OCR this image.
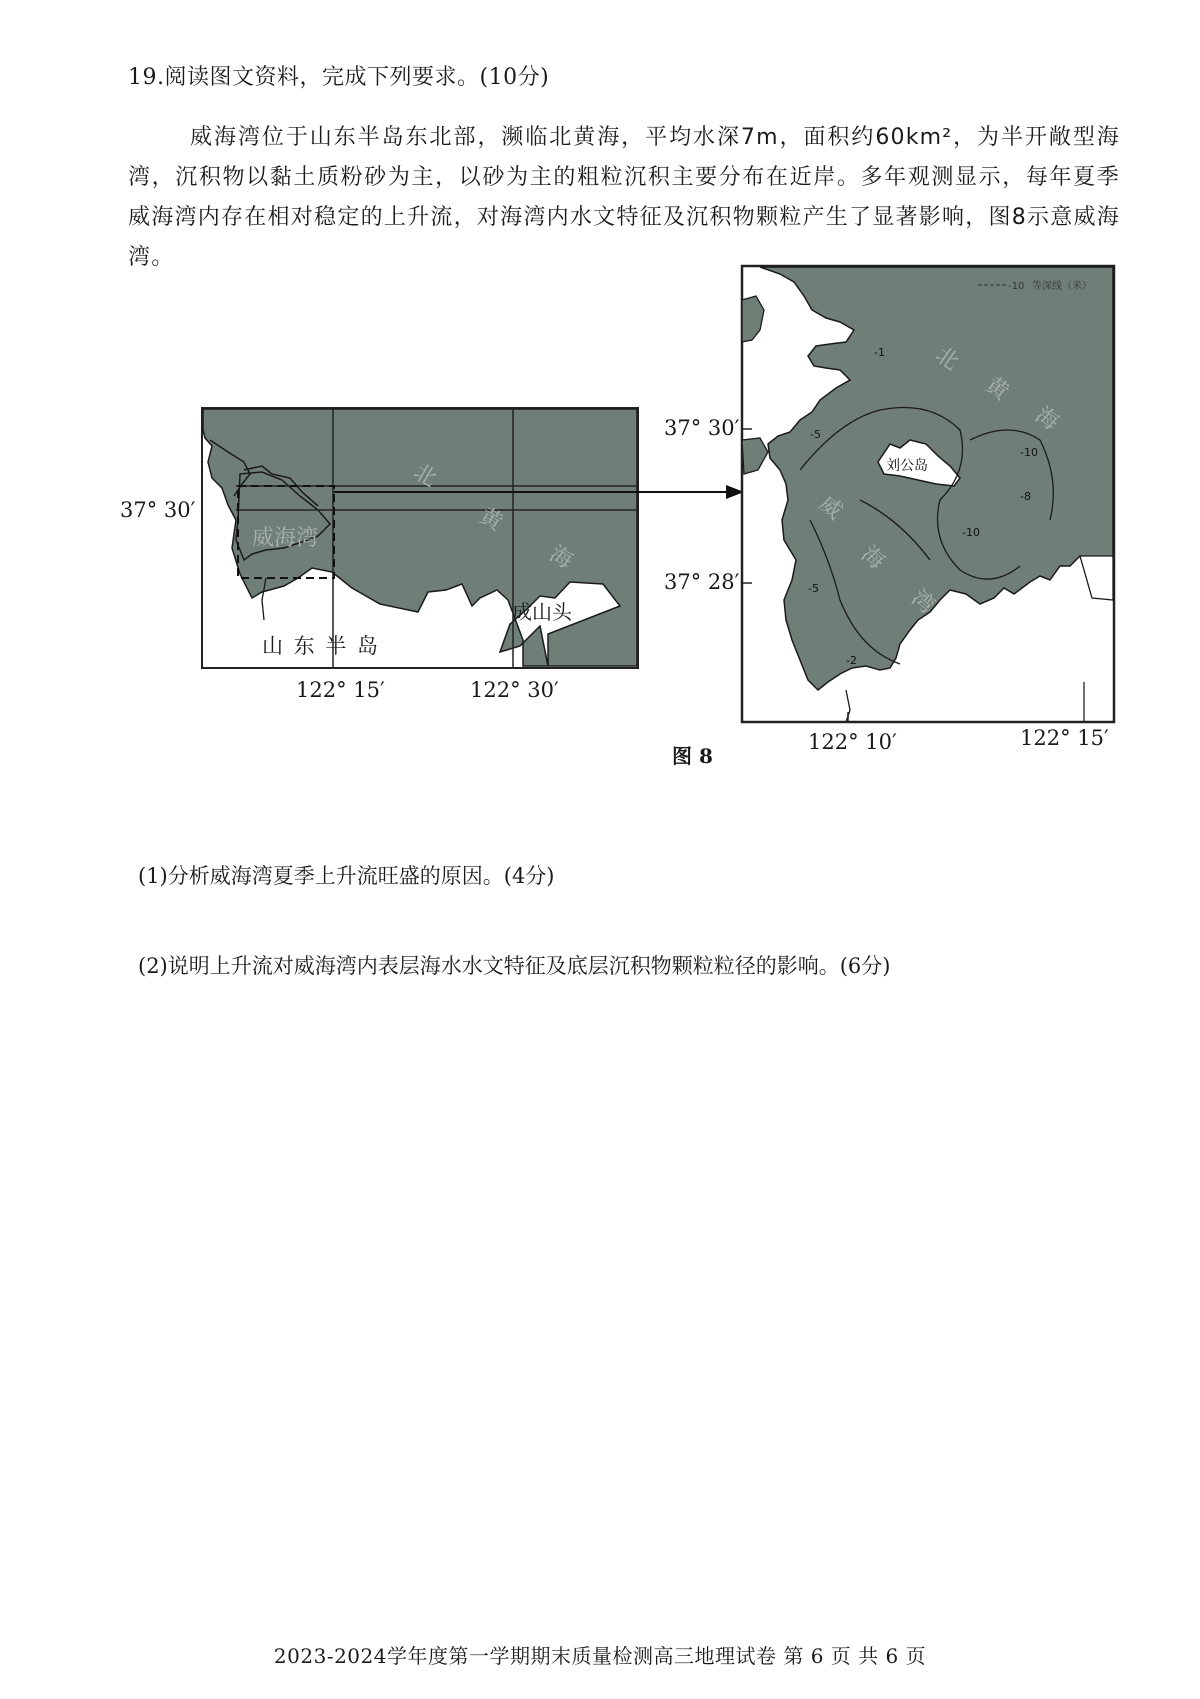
19.阅读图文资料，完成下列要求。(10分)
威海湾位于山东半岛东北部，濒临北黄海，平均水深7m，面积约60km²，为半开敞型海湾，沉积物以黏土质粉砂为主，以砂为主的粗粒沉积主要分布在近岸。多年观测显示，每年夏季威海湾内存在相对稳定的上升流，对海湾内水文特征及沉积物颗粒产生了显著影响，图8示意威海湾。
威海湾
北
黄
海
北
黄
海
威
海
湾
刘公岛
-10 等深线（米）
-1
-5
-10
-10
-2
-5
-8
37° 30′
122° 15′	122° 30′
山 东 半 岛
成山头
37° 30′
37° 28′
122° 10′	122° 15′
图 8
(1)分析威海湾夏季上升流旺盛的原因。(4分)
(2)说明上升流对威海湾内表层海水水文特征及底层沉积物颗粒粒径的影响。(6分)
2023-2024学年度第一学期期末质量检测高三地理试卷 第 6 页 共 6 页
